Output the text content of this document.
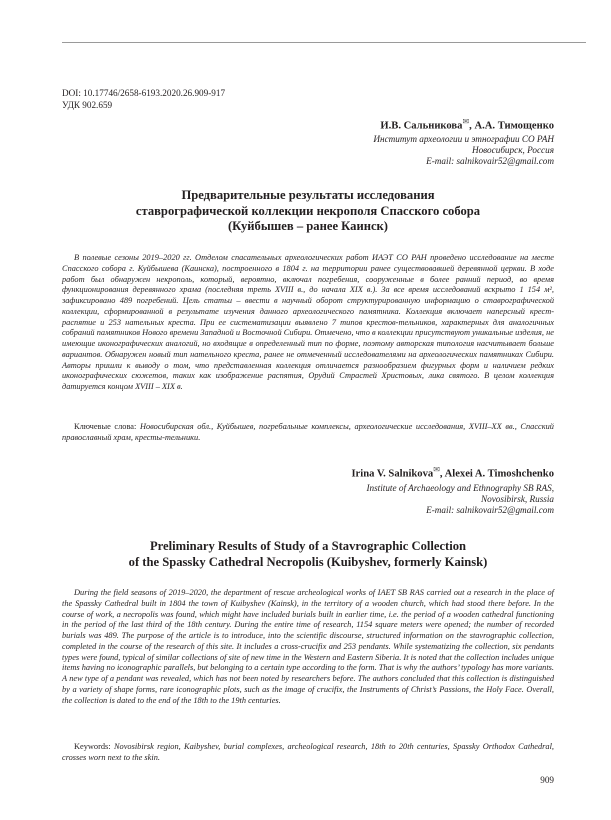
DOI: 10.17746/2658-6193.2020.26.909-917
УДК 902.659
И.В. Сальникова✉, А.А. Тимощенко
Институт археологии и этнографии СО РАН
Новосибирск, Россия
E-mail: salnikovair52@gmail.com
Предварительные результаты исследования
ставрографической коллекции некрополя Спасского собора
(Куйбышев – ранее Каинск)

В полевые сезоны 2019–2020 гг. Отделом спасательных археологических работ ИАЭТ СО РАН проведено исследование на месте Спасского собора г. Куйбышева (Каинска), построенного в 1804 г. на территории ранее существовавшей деревянной церкви. В ходе работ был обнаружен некрополь, который, вероятно, включал погребения, сооруженные в более ранний период, во время функционирования деревянного храма (последняя треть XVIII в., до начала XIX в.). За все время исследований вскрыто 1 154 м², зафиксировано 489 погребений. Цель статьи – ввести в научный оборот структурированную информацию о ставрографической коллекции, сформированной в результате изучения данного археологического памятника. Коллекция включает наперсный крест-распятие и 253 нательных креста. При ее систематизации выявлено 7 типов крестов-тельников, характерных для аналогичных собраний памятников Нового времени Западной и Восточной Сибири. Отмечено, что в коллекции присутствуют уникальные изделия, не имеющие иконографических аналогий, но входящие в определенный тип по форме, поэтому авторская типология насчитывает больше вариантов. Обнаружен новый тип нательного креста, ранее не отмеченный исследователями на археологических памятниках Сибири. Авторы пришли к выводу о том, что представленная коллекция отличается разнообразием фигурных форм и наличием редких иконографических сюжетов, таких как изображение распятия, Орудий Страстей Христовых, лика святого. В целом коллекция датируется концом XVIII – XIX в.

Ключевые слова: Новосибирская обл., Куйбышев, погребальные комплексы, археологические исследования, XVIII–XX вв., Спасский православный храм, кресты-тельники.

Irina V. Salnikova✉, Alexei A. Timoshchenko
Institute of Archaeology and Ethnography SB RAS,
Novosibirsk, Russia
E-mail: salnikovair52@gmail.com
Preliminary Results of Study of a Stavrographic Collection
of the Spassky Cathedral Necropolis (Kuibyshev, formerly Kainsk)

During the field seasons of 2019–2020, the department of rescue archeological works of IAET SB RAS carried out a research in the place of the Spassky Cathedral built in 1804 the town of Kuibyshev (Kainsk), in the territory of a wooden church, which had stood there before. In the course of work, a necropolis was found, which might have included burials built in earlier time, i.e. the period of a wooden cathedral functioning in the period of the last third of the 18th century. During the entire time of research, 1154 square meters were opened; the number of recorded burials was 489. The purpose of the article is to introduce, into the scientific discourse, structured information on the stavrographic collection, completed in the course of the research of this site. It includes a cross-crucifix and 253 pendants. While systematizing the collection, six pendants types were found, typical of similar collections of site of new time in the Western and Eastern Siberia. It is noted that the collection includes unique items having no iconographic parallels, but belonging to a certain type according to the form. That is why the authors’ typology has more variants. A new type of a pendant was revealed, which has not been noted by researchers before. The authors concluded that this collection is distinguished by a variety of shape forms, rare iconographic plots, such as the image of crucifix, the Instruments of Christ’s Passions, the Holy Face. Overall, the collection is dated to the end of the 18th to the 19th centuries.

Keywords: Novosibirsk region, Kaibyshev, burial complexes, archeological research, 18th to 20th centuries, Spassky Orthodox Cathedral, crosses worn next to the skin.

909
